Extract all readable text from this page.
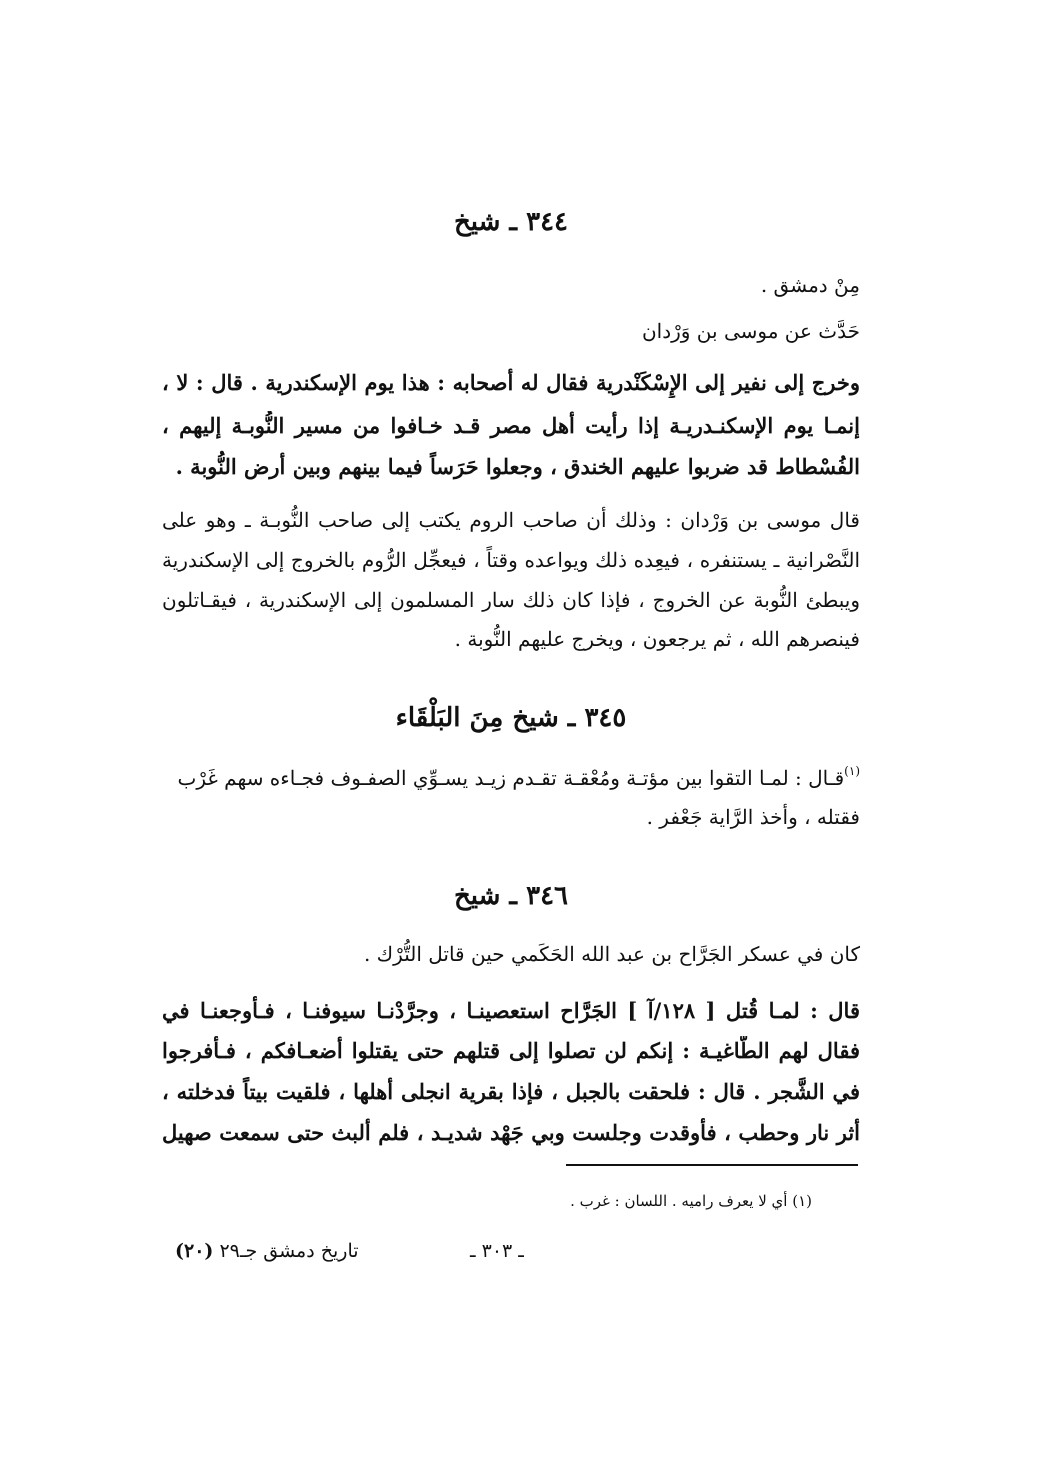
٣٤٤ ـ شيخ
مِنْ دمشق .
حَدَّث عن موسى بن وَرْدان
وخرج إلى نفير إلى الإِسْكَنْدرية فقال له أصحابه : هذا يوم الإسكندرية . قال : لا ،
إنمـا يوم الإسكنـدريـة إذا رأيت أهل مصر قـد خـافوا من مسير النُّوبـة إليهم ،
الفُسْطاط قد ضربوا عليهم الخندق ، وجعلوا حَرَساً فيما بينهم وبين أرض النُّوبة .
قال موسى بن وَرْدان : وذلك أن صاحب الروم يكتب إلى صاحب النُّوبـة ـ وهو على
النَّصْرانية ـ يستنفره ، فيعِده ذلك ويواعده وقتاً ، فيعجِّل الرُّوم بالخروج إلى الإسكندرية
ويبطئ النُّوبة عن الخروج ، فإذا كان ذلك سار المسلمون إلى الإسكندرية ، فيقـاتلون
فينصرهم الله ، ثم يرجعون ، ويخرج عليهم النُّوبة .
٣٤٥ ـ شيخ مِنَ البَلْقَاء
$^{(١)}$قـال : لمـا التقوا بين مؤتـة ومُعْقـة تقـدم زيـد يسـوِّي الصفـوف فجـاءه سهم غَرْب
فقتله ، وأخذ الرَّاية جَعْفر .
٣٤٦ ـ شيخ
كان في عسكر الجَرَّاح بن عبد الله الحَكَمي حين قاتل التُّرْك .
قال : لمـا قُتل [ ١٢٨/آ ] الجَرَّاح استعصينـا ، وجرَّدْنـا سيوفنـا ، فـأوجعنـا في
فقال لهم الطَّاغيـة : إنكم لن تصلوا إلى قتلهم حتى يقتلوا أضعـافكم ، فـأفرجوا
في الشَّجر . قال : فلحقت بالجبل ، فإذا بقرية انجلى أهلها ، فلقيت بيتاً فدخلته ،
أثر نار وحطب ، فأوقدت وجلست وبي جَهْد شديـد ، فلم ألبث حتى سمعت صهيل
(١) أي لا يعرف راميه . اللسان : غرب .
ـ ٣٠٣ ـ
تاريخ دمشق جـ٢٩ (٢٠)
